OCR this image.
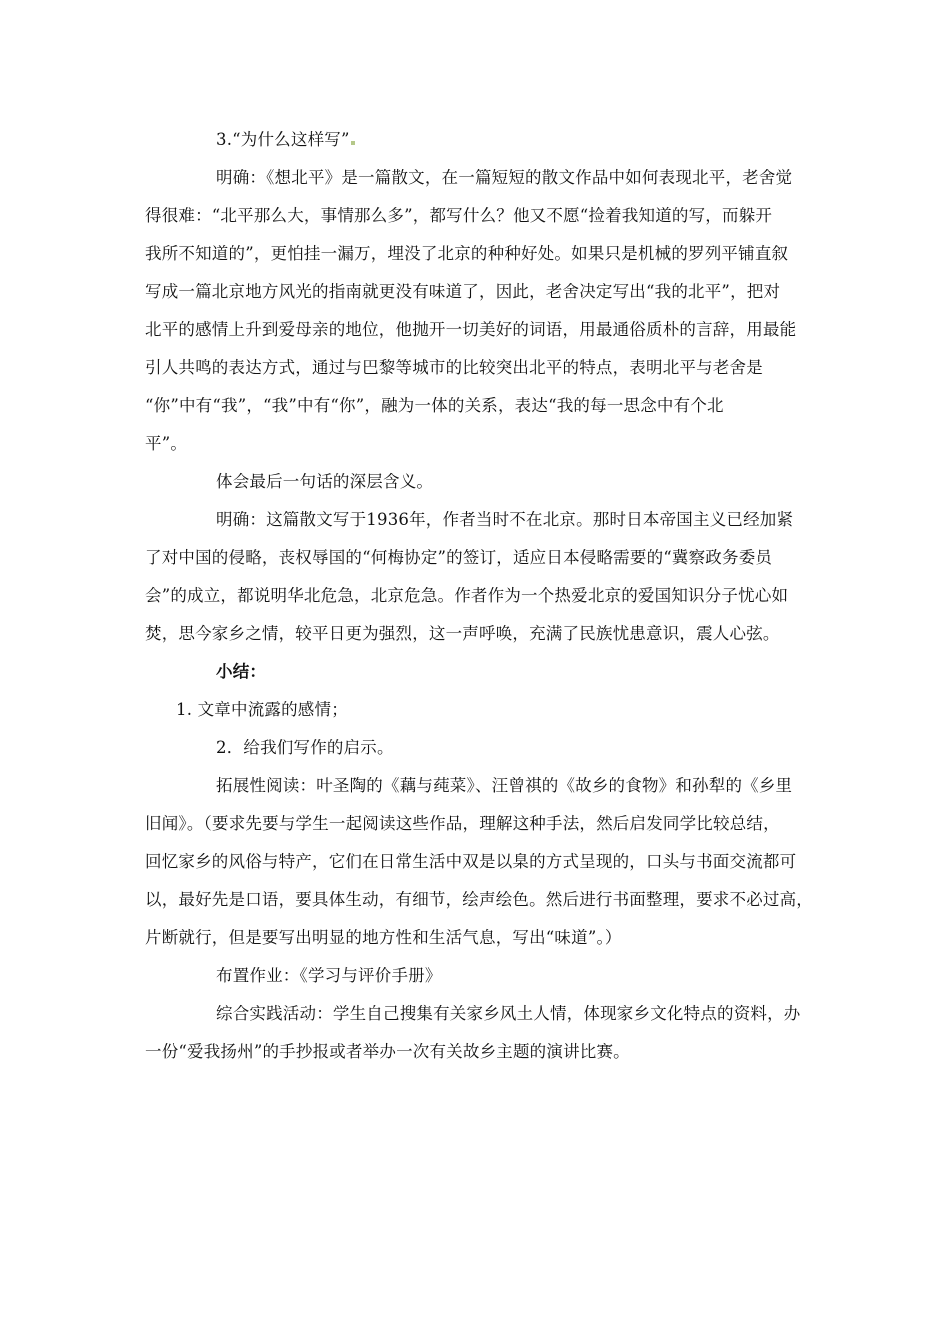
3.“为什么这样写”
明确：《想北平》是一篇散文，在一篇短短的散文作品中如何表现北平，老舍觉
得很难：“北平那么大，事情那么多”，都写什么？他又不愿“捡着我知道的写，而躲开
我所不知道的”，更怕挂一漏万，埋没了北京的种种好处。如果只是机械的罗列平铺直叙
写成一篇北京地方风光的指南就更没有味道了，因此，老舍决定写出“我的北平”，把对
北平的感情上升到爱母亲的地位，他抛开一切美好的词语，用最通俗质朴的言辞，用最能
引人共鸣的表达方式，通过与巴黎等城市的比较突出北平的特点，表明北平与老舍是
“你”中有“我”，“我”中有“你”，融为一体的关系，表达“我的每一思念中有个北
平”。
体会最后一句话的深层含义。
明确：这篇散文写于1936年，作者当时不在北京。那时日本帝国主义已经加紧
了对中国的侵略，丧权辱国的“何梅协定”的签订，适应日本侵略需要的“冀察政务委员
会”的成立，都说明华北危急，北京危急。作者作为一个热爱北京的爱国知识分子忧心如
焚，思今家乡之情，较平日更为强烈，这一声呼唤，充满了民族忧患意识，震人心弦。
小结：
1. 文章中流露的感情；
2．给我们写作的启示。
拓展性阅读：叶圣陶的《藕与莼菜》、汪曾祺的《故乡的食物》和孙犁的《乡里
旧闻》。（要求先要与学生一起阅读这些作品，理解这种手法，然后启发同学比较总结，
回忆家乡的风俗与特产，它们在日常生活中双是以臬的方式呈现的，口头与书面交流都可
以，最好先是口语，要具体生动，有细节，绘声绘色。然后进行书面整理，要求不必过高，
片断就行，但是要写出明显的地方性和生活气息，写出“味道”。）
布置作业：《学习与评价手册》
综合实践活动：学生自己搜集有关家乡风土人情，体现家乡文化特点的资料，办
一份“爱我扬州”的手抄报或者举办一次有关故乡主题的演讲比赛。
